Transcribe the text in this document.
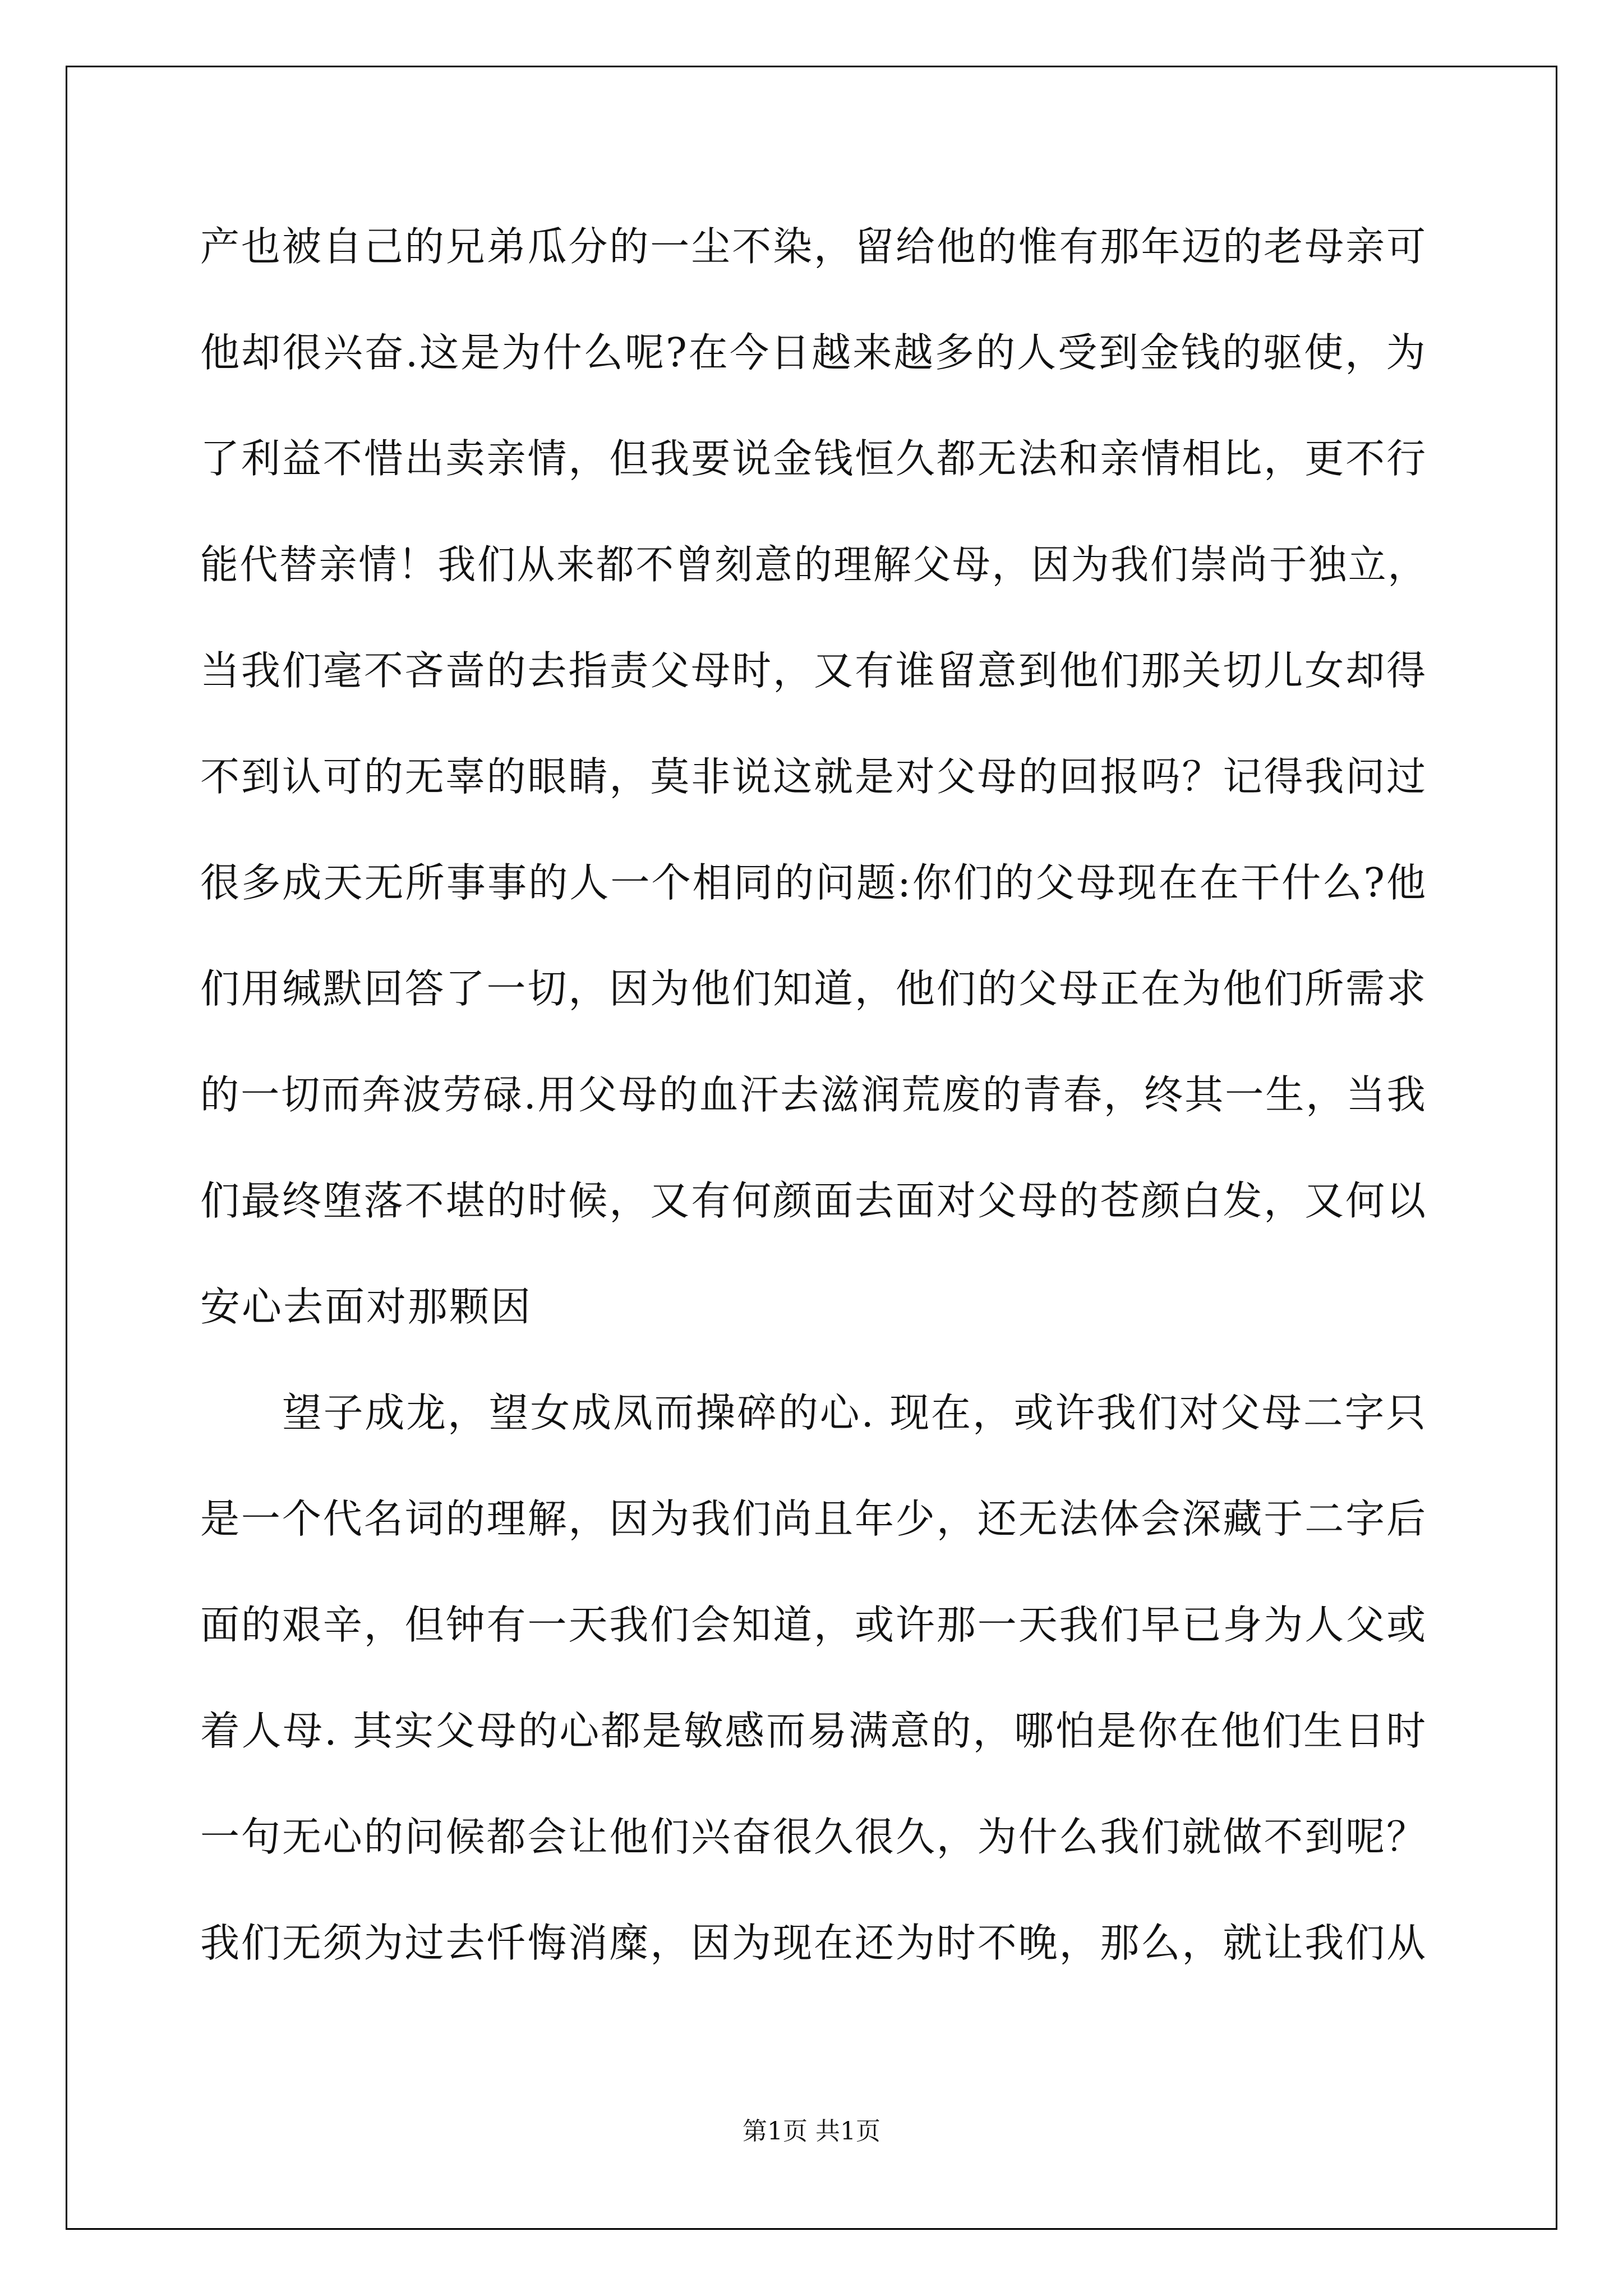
产也被自己的兄弟瓜分的一尘不染，留给他的惟有那年迈的老母亲可

他却很兴奋.这是为什么呢?在今日越来越多的人受到金钱的驱使，为

了利益不惜出卖亲情，但我要说金钱恒久都无法和亲情相比，更不行

能代替亲情！我们从来都不曾刻意的理解父母，因为我们崇尚于独立，

当我们毫不吝啬的去指责父母时，又有谁留意到他们那关切儿女却得

不到认可的无辜的眼睛，莫非说这就是对父母的回报吗？记得我问过

很多成天无所事事的人一个相同的问题:你们的父母现在在干什么?他

们用缄默回答了一切，因为他们知道，他们的父母正在为他们所需求

的一切而奔波劳碌.用父母的血汗去滋润荒废的青春，终其一生，当我

们最终堕落不堪的时候，又有何颜面去面对父母的苍颜白发，又何以

安心去面对那颗因

望子成龙，望女成凤而操碎的心. 现在，或许我们对父母二字只

是一个代名词的理解，因为我们尚且年少，还无法体会深藏于二字后

面的艰辛，但钟有一天我们会知道，或许那一天我们早已身为人父或

着人母. 其实父母的心都是敏感而易满意的，哪怕是你在他们生日时

一句无心的问候都会让他们兴奋很久很久，为什么我们就做不到呢？

我们无须为过去忏悔消糜，因为现在还为时不晚，那么，就让我们从

第1页 共1页
